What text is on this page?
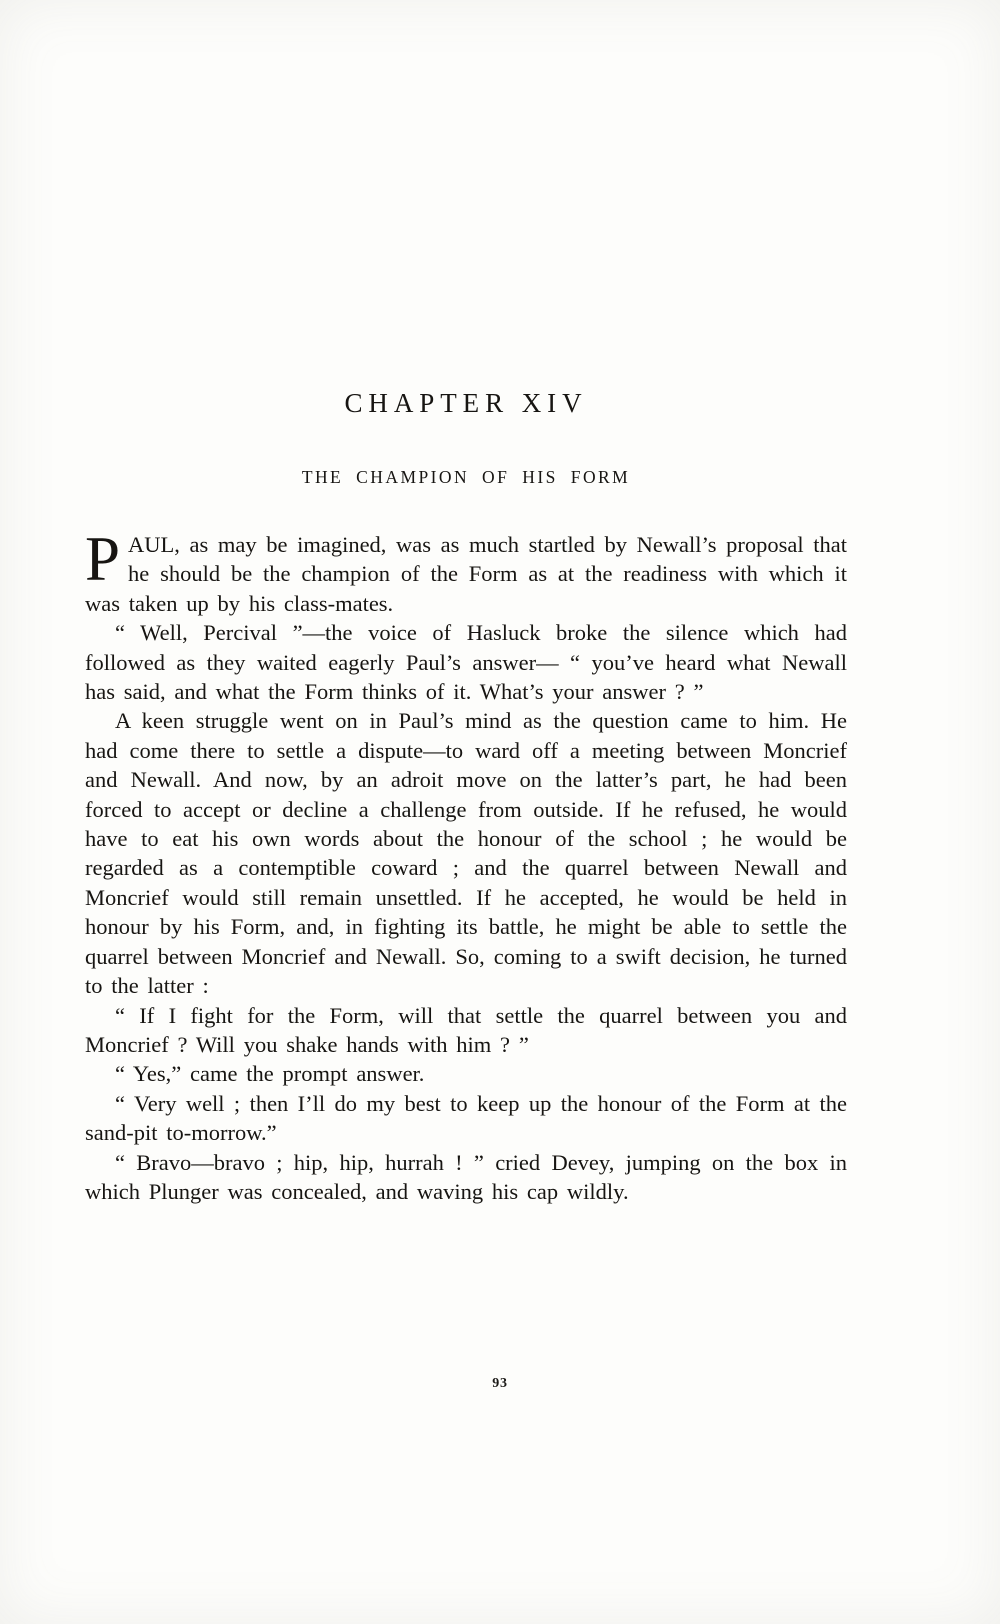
CHAPTER XIV
THE CHAMPION OF HIS FORM

PAUL, as may be imagined, was as much startled by Newall’s proposal that he should be the champion of the Form as at the readiness with which it was taken up by his class-mates.

“ Well, Percival ”—the voice of Hasluck broke the silence which had followed as they waited eagerly Paul’s answer— “ you’ve heard what Newall has said, and what the Form thinks of it. What’s your answer ? ”

A keen struggle went on in Paul’s mind as the question came to him. He had come there to settle a dispute—to ward off a meeting between Moncrief and Newall. And now, by an adroit move on the latter’s part, he had been forced to accept or decline a challenge from outside. If he refused, he would have to eat his own words about the honour of the school ; he would be regarded as a contemptible coward ; and the quarrel between Newall and Moncrief would still remain unsettled. If he accepted, he would be held in honour by his Form, and, in fighting its battle, he might be able to settle the quarrel between Moncrief and Newall. So, coming to a swift decision, he turned to the latter :

“ If I fight for the Form, will that settle the quarrel between you and Moncrief ? Will you shake hands with him ? ”

“ Yes,” came the prompt answer.

“ Very well ; then I’ll do my best to keep up the honour of the Form at the sand-pit to-morrow.”

“ Bravo—bravo ; hip, hip, hurrah ! ” cried Devey, jumping on the box in which Plunger was concealed, and waving his cap wildly.

93
